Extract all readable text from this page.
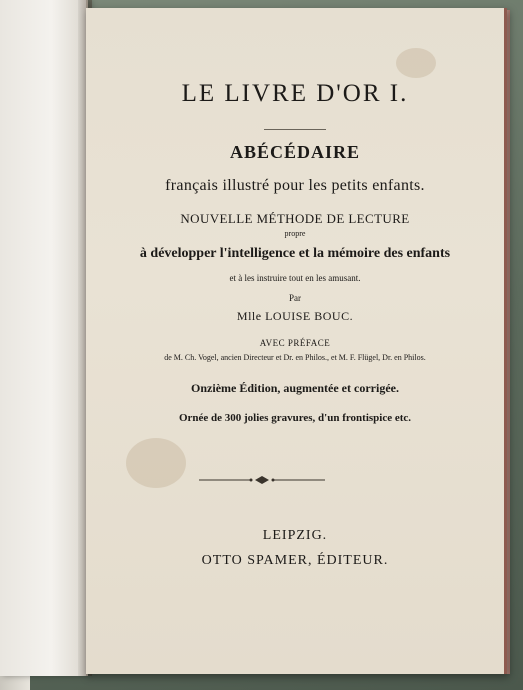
LE LIVRE D'OR I.
ABÉCÉDAIRE
français illustré pour les petits enfants.
NOUVELLE MÉTHODE DE LECTURE
propre
à développer l'intelligence et la mémoire des enfants
et à les instruire tout en les amusant.
Par
Mlle LOUISE BOUC.
AVEC PRÉFACE
de M. Ch. Vogel, ancien Directeur et Dr. en Philos., et M. F. Flügel, Dr. en Philos.
Onzième Édition, augmentée et corrigée.
Ornée de 300 jolies gravures, d'un frontispice etc.
LEIPZIG.
OTTO SPAMER, ÉDITEUR.
